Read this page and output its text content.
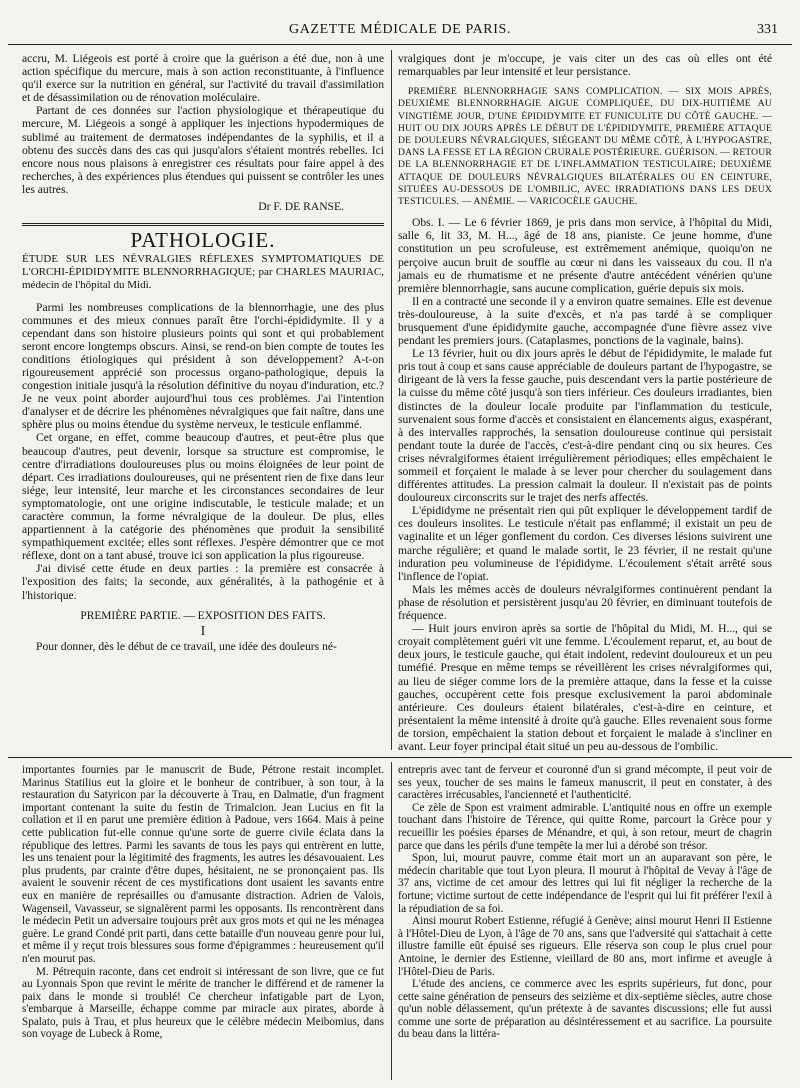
GAZETTE MÉDICALE DE PARIS.	331

accru, M. Liégeois est porté à croire que la guérison a été due, non à une action spécifique du mercure, mais à son action reconstituante, à l'influence qu'il exerce sur la nutrition en général, sur l'activité du travail d'assimilation et de désassimilation ou de rénovation moléculaire.

Partant de ces données sur l'action physiologique et thérapeutique du mercure, M. Liégeois a songé à appliquer les injections hypodermiques de sublimé au traitement de dermatoses indépendantes de la syphilis, et il a obtenu des succès dans des cas qui jusqu'alors s'étaient montrés rebelles. Ici encore nous nous plaisons à enregistrer ces résultats pour faire appel à des recherches, à des expériences plus étendues qui puissent se contrôler les unes les autres.

Dr F. DE RANSE.
PATHOLOGIE.

ÉTUDE SUR LES NÉVRALGIES RÉFLEXES SYMPTOMATIQUES DE L'ORCHI-ÉPIDIDYMITE BLENNORRHAGIQUE; par CHARLES MAURIAC, médecin de l'hôpital du Midi.

Parmi les nombreuses complications de la blennorrhagie, une des plus communes et des mieux connues paraît être l'orchi-épididymite. Il y a cependant dans son histoire plusieurs points qui sont et qui probablement seront encore longtemps obscurs. Ainsi, se rend-on bien compte de toutes les conditions étiologiques qui président à son développement? A-t-on rigoureusement apprécié son processus organo-pathologique, depuis la congestion initiale jusqu'à la résolution définitive du noyau d'induration, etc.? Je ne veux point aborder aujourd'hui tous ces problèmes. J'ai l'intention d'analyser et de décrire les phénomènes névralgiques que fait naître, dans une sphère plus ou moins étendue du système nerveux, le testicule enflammé.

Cet organe, en effet, comme beaucoup d'autres, et peut-être plus que beaucoup d'autres, peut devenir, lorsque sa structure est compromise, le centre d'irradiations douloureuses plus ou moins éloignées de leur point de départ. Ces irradiations douloureuses, qui ne présentent rien de fixe dans leur siége, leur intensité, leur marche et les circonstances secondaires de leur symptomatologie, ont une origine indiscutable, le testicule malade; et un caractère commun, la forme névralgique de la douleur. De plus, elles appartiennent à la catégorie des phénomènes que produit la sensibilité sympathiquement excitée; elles sont réflexes. J'espère démontrer que ce mot réflexe, dont on a tant abusé, trouve ici son application la plus rigoureuse.

J'ai divisé cette étude en deux parties : la première est consacrée à l'exposition des faits; la seconde, aux généralités, à la pathogénie et à l'historique.

PREMIÈRE PARTIE. — EXPOSITION DES FAITS.
I

Pour donner, dès le début de ce travail, une idée des douleurs né-

vralgiques dont je m'occupe, je vais citer un des cas où elles ont été remarquables par leur intensité et leur persistance.

PREMIÈRE BLENNORRHAGIE SANS COMPLICATION. — SIX MOIS APRÈS, DEUXIÈME BLENNORRHAGIE AIGUE COMPLIQUÉE, DU DIX-HUITIÈME AU VINGTIÈME JOUR, D'UNE ÉPIDIDYMITE ET FUNICULITE DU CÔTÉ GAUCHE. — HUIT OU DIX JOURS APRÈS LE DÉBUT DE L'ÉPIDIDYMITE, PREMIÈRE ATTAQUE DE DOULEURS NÉVRALGIQUES, SIÉGEANT DU MÊME CÔTÉ, À L'HYPOGASTRE, DANS LA FESSE ET LA RÉGION CRURALE POSTÉRIEURE. GUÉRISON. — RETOUR DE LA BLENNORRHAGIE ET DE L'INFLAMMATION TESTICULAIRE; DEUXIÈME ATTAQUE DE DOULEURS NÉVRALGIQUES BILATÉRALES OU EN CEINTURE, SITUÉES AU-DESSOUS DE L'OMBILIC, AVEC IRRADIATIONS DANS LES DEUX TESTICULES. — ANÉMIE. — VARICOCÈLE GAUCHE.

Obs. I. — Le 6 février 1869, je pris dans mon service, à l'hôpital du Midi, salle 6, lit 33, M. H..., âgé de 18 ans, pianiste. Ce jeune homme, d'une constitution un peu scrofuleuse, est extrêmement anémique, quoiqu'on ne perçoive aucun bruit de souffle au cœur ni dans les vaisseaux du cou. Il n'a jamais eu de rhumatisme et ne présente d'autre antécédent vénérien qu'une première blennorrhagie, sans aucune complication, guérie depuis six mois.

Il en a contracté une seconde il y a environ quatre semaines. Elle est devenue très-douloureuse, à la suite d'excès, et n'a pas tardé à se compliquer brusquement d'une épididymite gauche, accompagnée d'une fièvre assez vive pendant les premiers jours. (Cataplasmes, ponctions de la vaginale, bains).

Le 13 février, huit ou dix jours après le début de l'épididymite, le malade fut pris tout à coup et sans cause appréciable de douleurs partant de l'hypogastre, se dirigeant de là vers la fesse gauche, puis descendant vers la partie postérieure de la cuisse du même côté jusqu'à son tiers inférieur. Ces douleurs irradiantes, bien distinctes de la douleur locale produite par l'inflammation du testicule, survenaient sous forme d'accès et consistaient en élancements aigus, exaspérant, à des intervalles rapprochés, la sensation douloureuse continue qui persistait pendant toute la durée de l'accès, c'est-à-dire pendant cinq ou six heures. Ces crises névralgiformes étaient irrégulièrement périodiques; elles empêchaient le sommeil et forçaient le malade à se lever pour chercher du soulagement dans différentes attitudes. La pression calmait la douleur. Il n'existait pas de points douloureux circonscrits sur le trajet des nerfs affectés.

L'épididyme ne présentait rien qui pût expliquer le développement tardif de ces douleurs insolites. Le testicule n'était pas enflammé; il existait un peu de vaginalite et un léger gonflement du cordon. Ces diverses lésions suivirent une marche régulière; et quand le malade sortit, le 23 février, il ne restait qu'une induration peu volumineuse de l'épididyme. L'écoulement s'était arrêté sous l'inflence de l'opiat.

Mais les mêmes accès de douleurs névralgiformes continuèrent pendant la phase de résolution et persistèrent jusqu'au 20 février, en diminuant toutefois de fréquence.

— Huit jours environ après sa sortie de l'hôpital du Midi, M. H..., qui se croyait complètement guéri vit une femme. L'écoulement reparut, et, au bout de deux jours, le testicule gauche, qui était indolent, redevint douloureux et un peu tuméfié. Presque en même temps se réveillèrent les crises névralgiformes qui, au lieu de siéger comme lors de la première attaque, dans la fesse et la cuisse gauches, occupèrent cette fois presque exclusivement la paroi abdominale antérieure. Ces douleurs étaient bilatérales, c'est-à-dire en ceinture, et présentaient la même intensité à droite qu'à gauche. Elles revenaient sous forme de torsion, empêchaient la station debout et forçaient le malade à s'incliner en avant. Leur foyer principal était situé un peu au-dessous de l'ombilic.

importantes fournies par le manuscrit de Bude, Pétrone restait incomplet. Marinus Statilius eut la gloire et le bonheur de contribuer, à son tour, à la restauration du Satyricon par la découverte à Trau, en Dalmatie, d'un fragment important contenant la suite du festin de Trimalcion. Jean Lucius en fit la collation et il en parut une première édition à Padoue, vers 1664. Mais à peine cette publication fut-elle connue qu'une sorte de guerre civile éclata dans la république des lettres. Parmi les savants de tous les pays qui entrèrent en lutte, les uns tenaient pour la légitimité des fragments, les autres les désavouaient. Les plus prudents, par crainte d'être dupes, hésitaient, ne se prononçaient pas. Ils avaient le souvenir récent de ces mystifications dont usaient les savants entre eux en manière de représailles ou d'amusante distraction. Adrien de Valois, Wagenseil, Vavasseur, se signalèrent parmi les opposants. Ils rencontrèrent dans le médecin Petit un adversaire toujours prêt aux gros mots et qui ne les ménagea guère. Le grand Condé prit parti, dans cette bataille d'un nouveau genre pour lui, et même il y reçut trois blessures sous forme d'épigrammes : heureusement qu'il n'en mourut pas.

M. Pétrequin raconte, dans cet endroit si intéressant de son livre, que ce fut au Lyonnais Spon que revint le mérite de trancher le différend et de ramener la paix dans le monde si troublé! Ce chercheur infatigable part de Lyon, s'embarque à Marseille, échappe comme par miracle aux pirates, aborde à Spalato, puis à Trau, et plus heureux que le célèbre médecin Meibomius, dans son voyage de Lubeck à Rome,

entrepris avec tant de ferveur et couronné d'un si grand mécompte, il peut voir de ses yeux, toucher de ses mains le fameux manuscrit, il peut en constater, à des caractères irrécusables, l'ancienneté et l'authenticité.

Ce zèle de Spon est vraiment admirable. L'antiquité nous en offre un exemple touchant dans l'histoire de Térence, qui quitte Rome, parcourt la Grèce pour y recueillir les poésies éparses de Ménandre, et qui, à son retour, meurt de chagrin parce que dans les périls d'une tempête la mer lui a dérobé son trésor.

Spon, lui, mourut pauvre, comme était mort un an auparavant son père, le médecin charitable que tout Lyon pleura. Il mourut à l'hôpital de Vevay à l'âge de 37 ans, victime de cet amour des lettres qui lui fit négliger la recherche de la fortune; victime surtout de cette indépendance de l'esprit qui lui fit préférer l'exil à la répudiation de sa foi.

Ainsi mourut Robert Estienne, réfugié à Genève; ainsi mourut Henri II Estienne à l'Hôtel-Dieu de Lyon, à l'âge de 70 ans, sans que l'adversité qui s'attachait à cette illustre famille eût épuisé ses rigueurs. Elle réserva son coup le plus cruel pour Antoine, le dernier des Estienne, vieillard de 80 ans, mort infirme et aveugle à l'Hôtel-Dieu de Paris.

L'étude des anciens, ce commerce avec les esprits supérieurs, fut donc, pour cette saine génération de penseurs des seizième et dix-septième siècles, autre chose qu'un noble délassement, qu'un prétexte à de savantes discussions; elle fut aussi comme une sorte de préparation au désintéressement et au sacrifice. La poursuite du beau dans la littéra-
